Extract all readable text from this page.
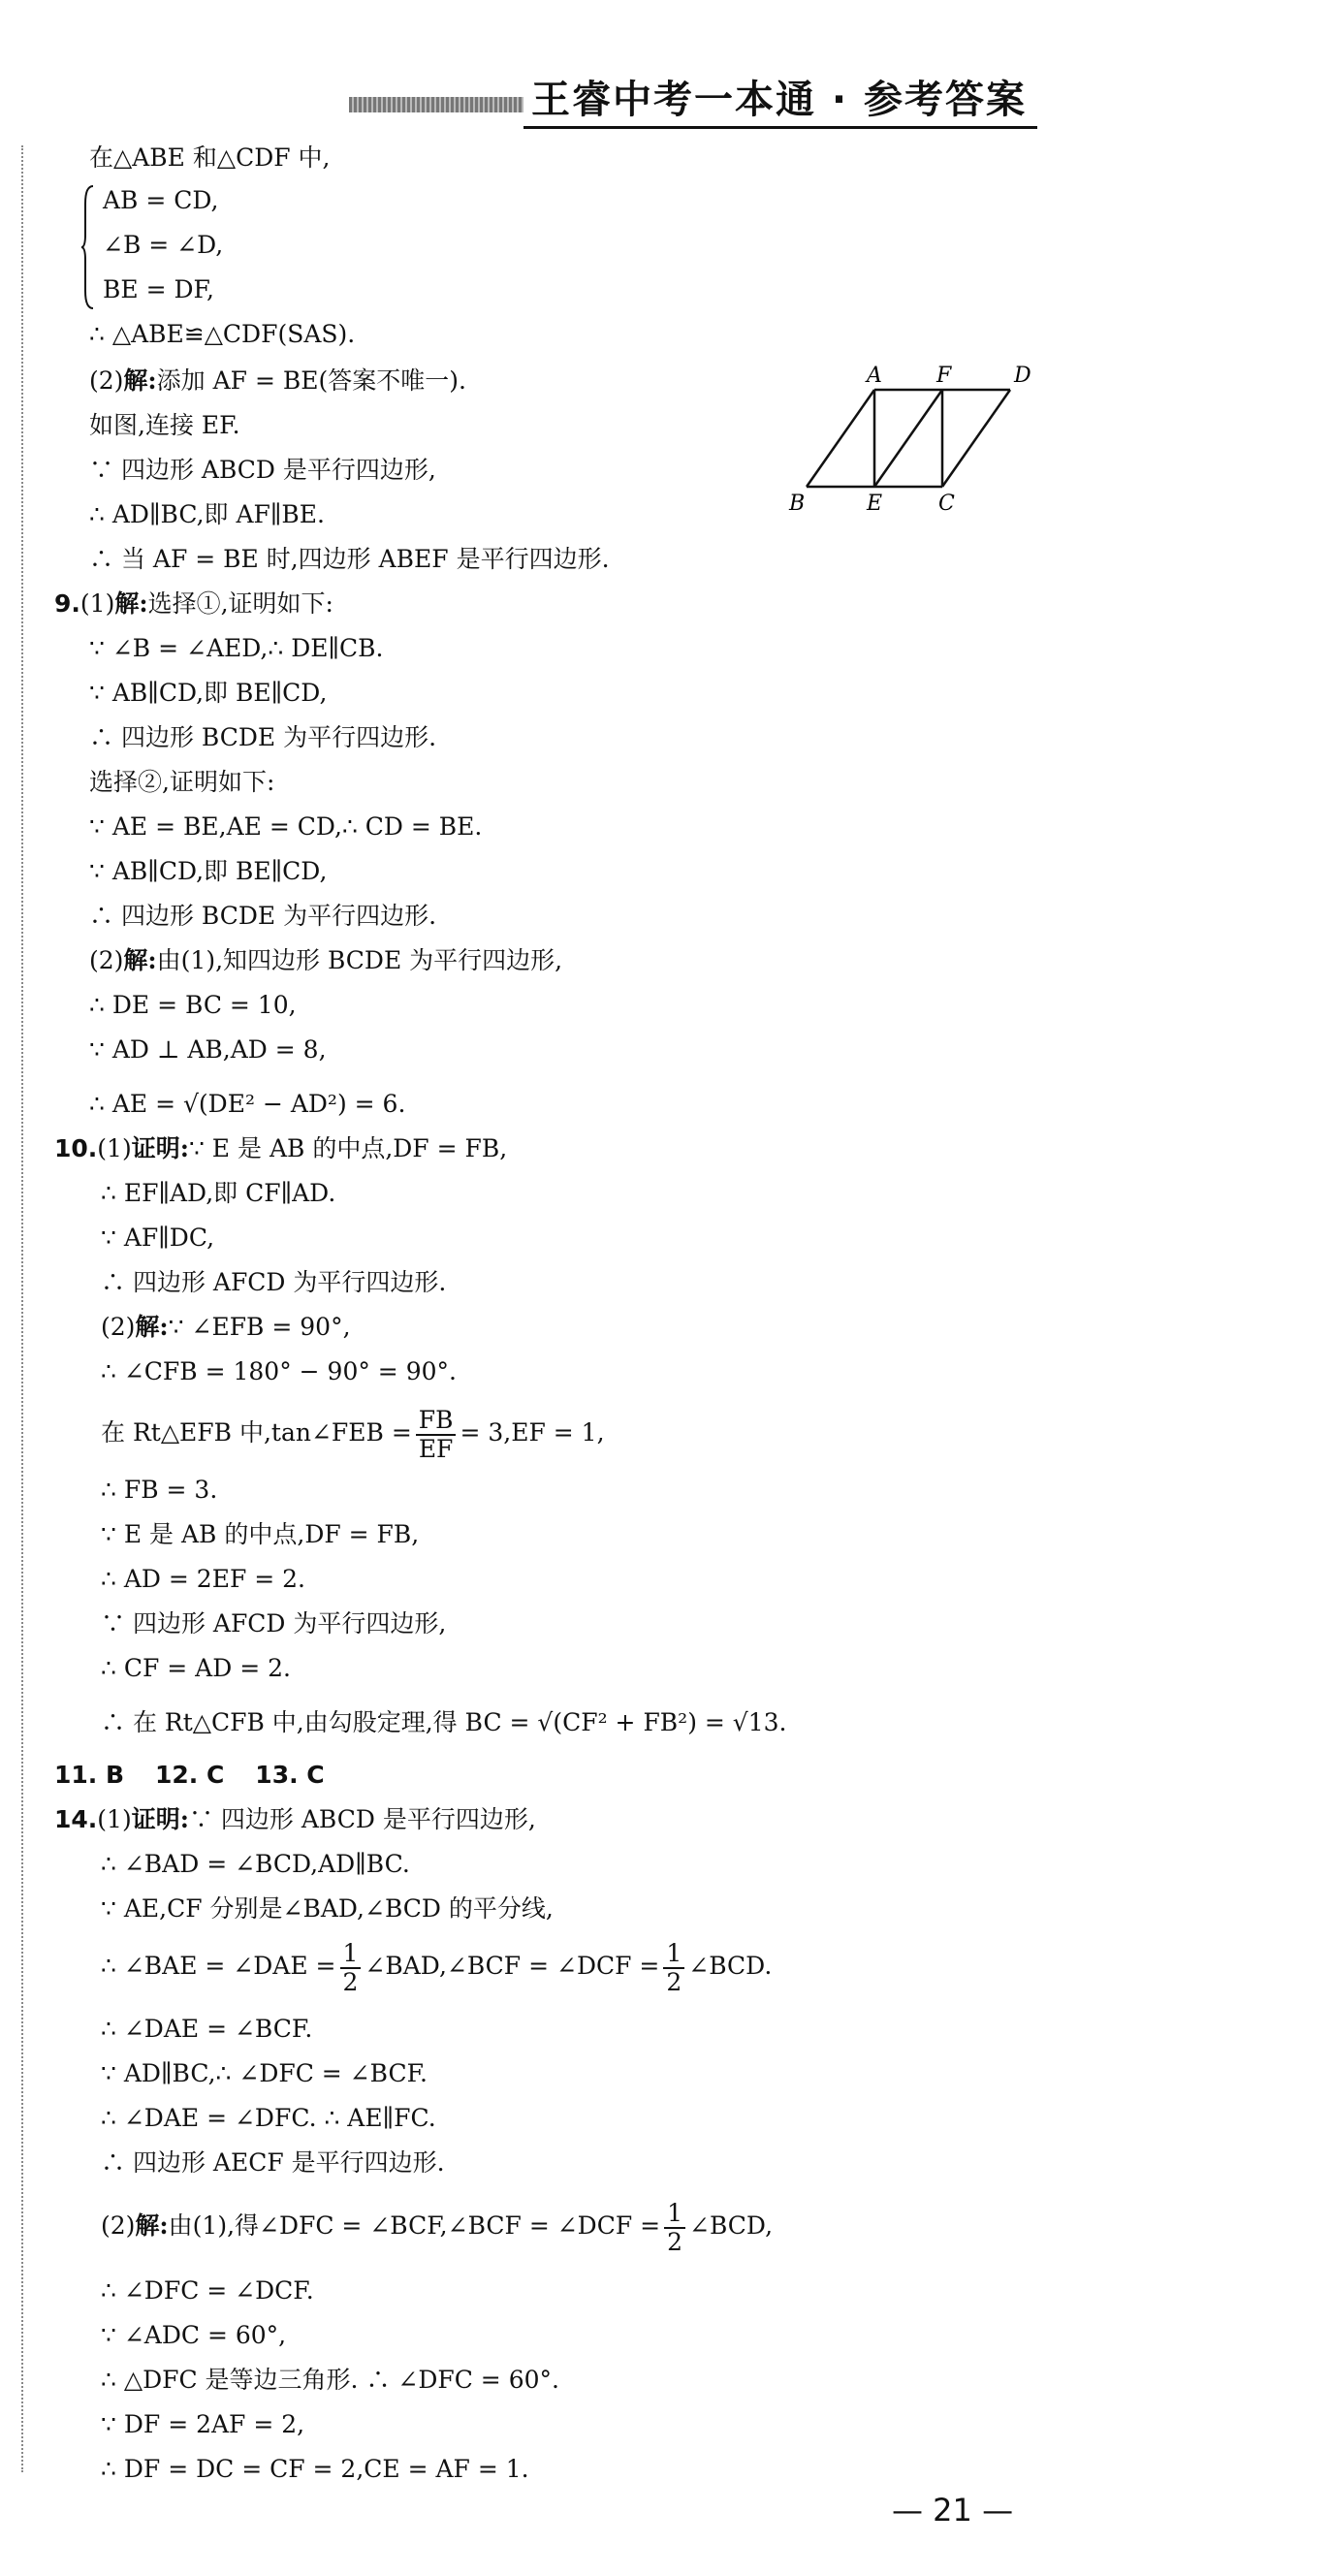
王睿中考一本通 · 参考答案
在△ABE 和△CDF 中,
AB = CD,
∠B = ∠D,
BE = DF,
∴ △ABE≌△CDF(SAS).
(2)解:添加 AF = BE(答案不唯一).
如图,连接 EF.
∵ 四边形 ABCD 是平行四边形,
∴ AD∥BC,即 AF∥BE.
∴ 当 AF = BE 时,四边形 ABEF 是平行四边形.
A	F	D
B	E	C
9.(1)解:选择①,证明如下:
∵ ∠B = ∠AED,∴ DE∥CB.
∵ AB∥CD,即 BE∥CD,
∴ 四边形 BCDE 为平行四边形.
选择②,证明如下:
∵ AE = BE,AE = CD,∴ CD = BE.
∵ AB∥CD,即 BE∥CD,
∴ 四边形 BCDE 为平行四边形.
(2)解:由(1),知四边形 BCDE 为平行四边形,
∴ DE = BC = 10,
∵ AD ⊥ AB,AD = 8,
∴ AE = √(DE² − AD²) = 6.
10.(1)证明:∵ E 是 AB 的中点,DF = FB,
∴ EF∥AD,即 CF∥AD.
∵ AF∥DC,
∴ 四边形 AFCD 为平行四边形.
(2)解:∵ ∠EFB = 90°,
∴ ∠CFB = 180° − 90° = 90°.
在 Rt△EFB 中,tan∠FEB = $\frac{FB}{EF} = 3,EF = 1$,
∴ FB = 3.
∵ E 是 AB 的中点,DF = FB,
∴ AD = 2EF = 2.
∵ 四边形 AFCD 为平行四边形,
∴ CF = AD = 2.
∴ 在 Rt△CFB 中,由勾股定理,得 BC = √(CF² + FB²) = √13.
11. B 12. C 13. C
14.(1)证明:∵ 四边形 ABCD 是平行四边形,
∴ ∠BAD = ∠BCD,AD∥BC.
∵ AE,CF 分别是∠BAD,∠BCD 的平分线,
∴ ∠BAE = ∠DAE = $\frac{1}{2}$ ∠BAD,∠BCF = ∠DCF = $\frac{1}{2}$ ∠BCD.
∴ ∠DAE = ∠BCF.
∵ AD∥BC,∴ ∠DFC = ∠BCF.
∴ ∠DAE = ∠DFC. ∴ AE∥FC.
∴ 四边形 AECF 是平行四边形.
(2)解:由(1),得∠DFC = ∠BCF,∠BCF = ∠DCF = $\frac{1}{2}$ ∠BCD,
∴ ∠DFC = ∠DCF.
∵ ∠ADC = 60°,
∴ △DFC 是等边三角形. ∴ ∠DFC = 60°.
∵ DF = 2AF = 2,
∴ DF = DC = CF = 2,CE = AF = 1.
— 21 —
